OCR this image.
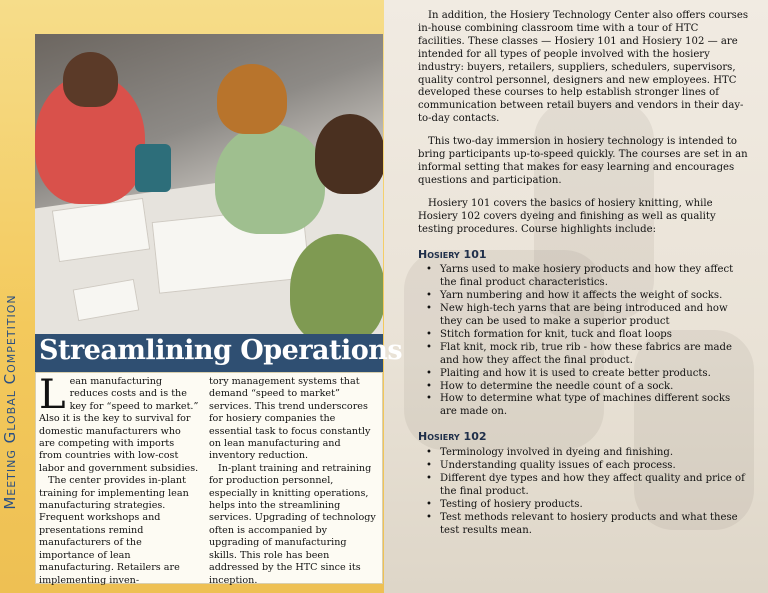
Meeting Global Competition Streamlining Operations

Lean manufacturing reduces costs and is the key for “speed to market.” Also it is the key to survival for domestic manufacturers who are competing with imports from countries with low-cost labor and government subsidies.

The center provides in-plant training for implementing lean manufacturing strategies. Frequent workshops and presentations remind manufacturers of the importance of lean manufacturing. Retailers are implementing inven-

tory management systems that demand “speed to market” services. This trend underscores for hosiery companies the essential task to focus constantly on lean manufacturing and inventory reduction.

In-plant training and retraining for production personnel, especially in knitting operations, helps into the streamlining services. Upgrading of technology often is accompanied by upgrading of manufacturing skills. This role has been addressed by the HTC since its inception.

In addition, the Hosiery Technology Center also offers courses in-house combining classroom time with a tour of HTC facilities. These classes — Hosiery 101 and Hosiery 102 — are intended for all types of people involved with the hosiery industry: buyers, retailers, suppliers, schedulers, supervisors, quality control personnel, designers and new employees. HTC developed these courses to help establish stronger lines of communication between retail buyers and vendors in their day-to-day contacts.

This two-day immersion in hosiery technology is intended to bring participants up-to-speed quickly. The courses are set in an informal setting that makes for easy learning and encourages questions and participation.

Hosiery 101 covers the basics of hosiery knitting, while Hosiery 102 covers dyeing and finishing as well as quality testing procedures. Course highlights include:

Hosiery 101
• Yarns used to make hosiery products and how they affect the final product characteristics.
• Yarn numbering and how it affects the weight of socks.
• New high-tech yarns that are being introduced and how they can be used to make a superior product
• Stitch formation for knit, tuck and float loops
• Flat knit, mock rib, true rib - how these fabrics are made and how they affect the final product.
• Plaiting and how it is used to create better products.
• How to determine the needle count of a sock.
• How to determine what type of machines different socks are made on.
Hosiery 102
• Terminology involved in dyeing and finishing.
• Understanding quality issues of each process.
• Different dye types and how they affect quality and price of the final product.
• Testing of hosiery products.
• Test methods relevant to hosiery products and what these test results mean.
